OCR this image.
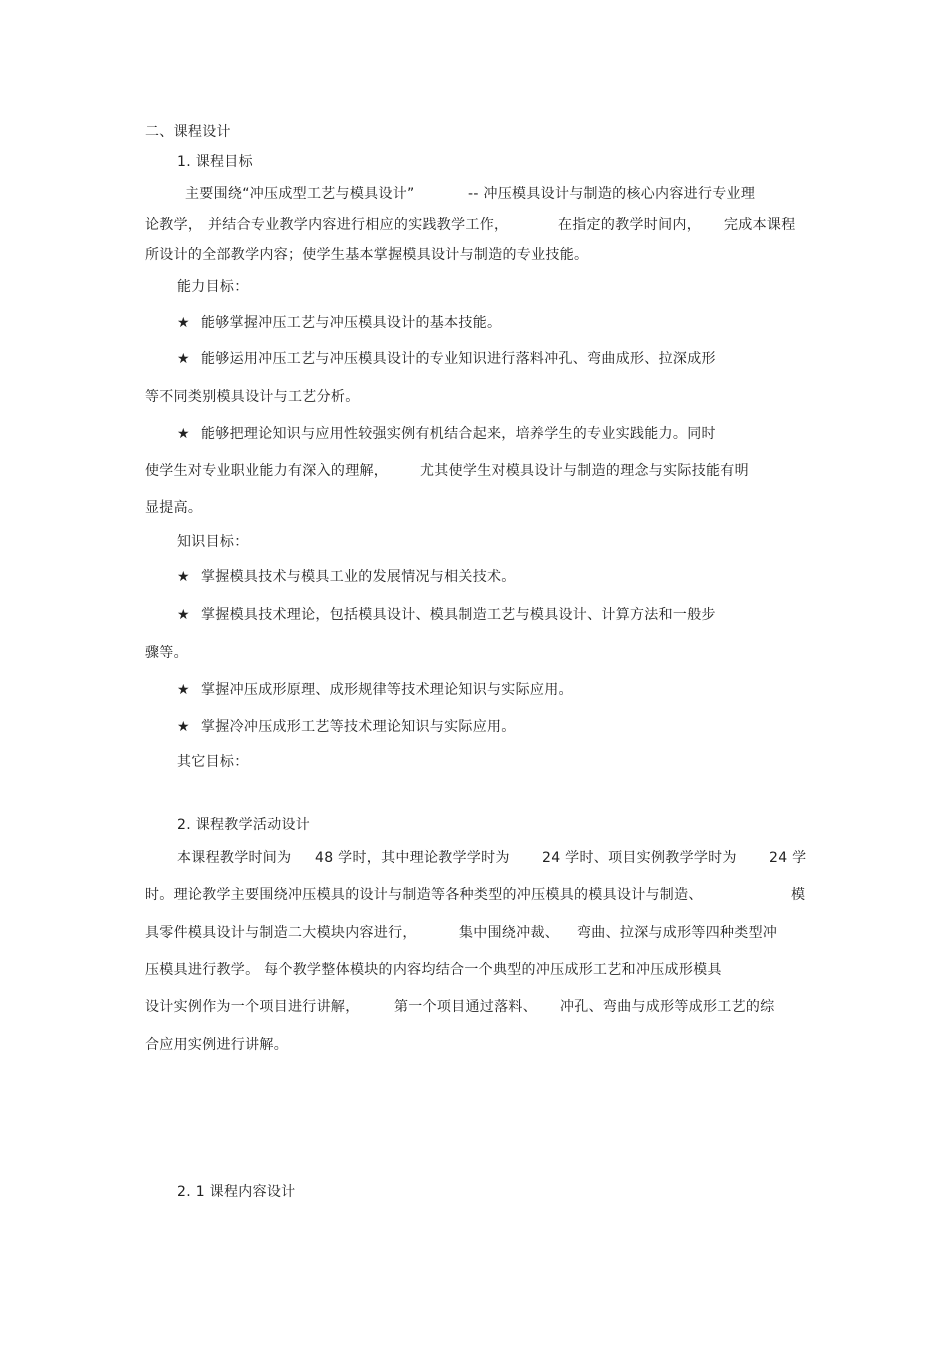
二、课程设计
1. 课程目标
主要围绕“冲压成型工艺与模具设计”	-- 冲压模具设计与制造的核心内容进行专业理
论教学， 并结合专业教学内容进行相应的实践教学工作，	在指定的教学时间内， 完成本课程
所设计的全部教学内容；使学生基本掌握模具设计与制造的专业技能。
能力目标：
★ 能够掌握冲压工艺与冲压模具设计的基本技能。
★ 能够运用冲压工艺与冲压模具设计的专业知识进行落料冲孔、弯曲成形、拉深成形
等不同类别模具设计与工艺分析。
★ 能够把理论知识与应用性较强实例有机结合起来，培养学生的专业实践能力。同时
使学生对专业职业能力有深入的理解， 尤其使学生对模具设计与制造的理念与实际技能有明
显提高。
知识目标：
★ 掌握模具技术与模具工业的发展情况与相关技术。
★ 掌握模具技术理论，包括模具设计、模具制造工艺与模具设计、计算方法和一般步
骤等。
★ 掌握冲压成形原理、成形规律等技术理论知识与实际应用。
★ 掌握冷冲压成形工艺等技术理论知识与实际应用。
其它目标：
2. 课程教学活动设计
本课程教学时间为 48 学时，其中理论教学学时为 24 学时、项目实例教学学时为 24 学
时。理论教学主要围绕冲压模具的设计与制造等各种类型的冲压模具的模具设计与制造、	模
具零件模具设计与制造二大模块内容进行，	集中围绕冲裁、 弯曲、拉深与成形等四种类型冲
压模具进行教学。 每个教学整体模块的内容均结合一个典型的冲压成形工艺和冲压成形模具
设计实例作为一个项目进行讲解， 第一个项目通过落料、 冲孔、弯曲与成形等成形工艺的综
合应用实例进行讲解。
2. 1 课程内容设计
